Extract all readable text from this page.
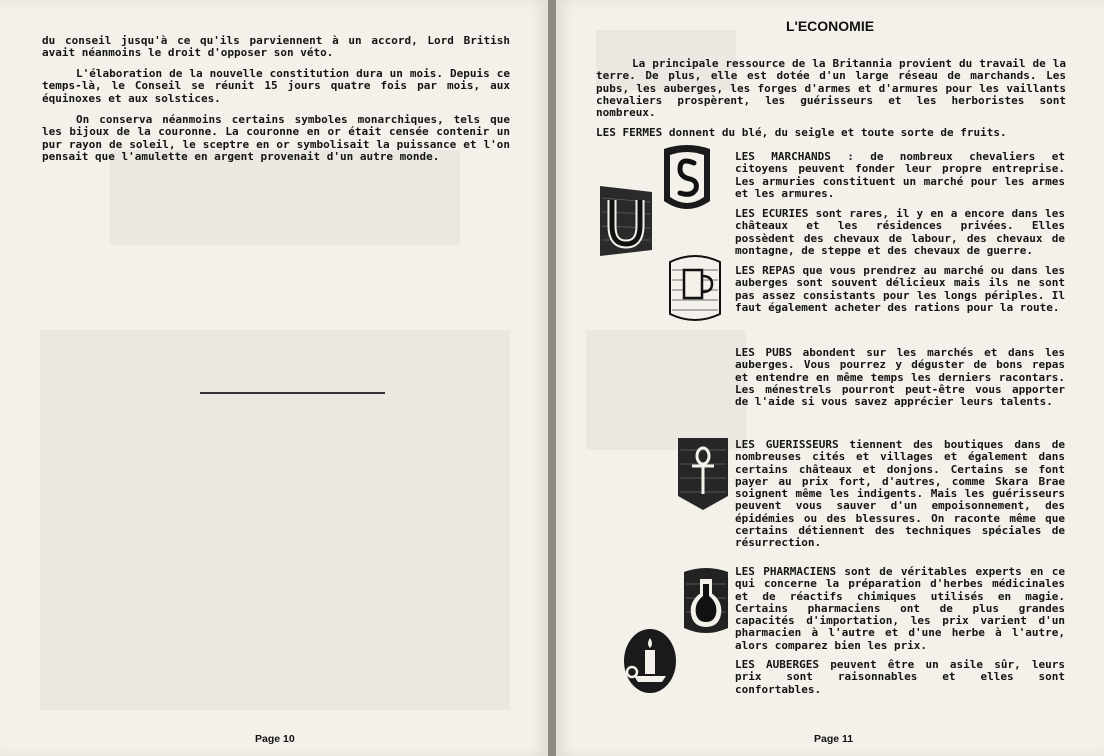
du conseil jusqu'à ce qu'ils parviennent à un accord, Lord British avait néanmoins le droit d'opposer son véto.

L'élaboration de la nouvelle constitution dura un mois. Depuis ce temps-là, le Conseil se réunit 15 jours quatre fois par mois, aux équinoxes et aux solstices.

On conserva néanmoins certains symboles monarchiques, tels que les bijoux de la couronne. La couronne en or était censée contenir un pur rayon de soleil, le sceptre en or symbolisait la puissance et l'on pensait que l'amulette en argent provenait d'un autre monde.

Page 10
L'ECONOMIE

La principale ressource de la Britannia provient du travail de la terre. De plus, elle est dotée d'un large réseau de marchands. Les pubs, les auberges, les forges d'armes et d'armures pour les vaillants chevaliers prospèrent, les guérisseurs et les herboristes sont nombreux.

LES FERMES donnent du blé, du seigle et toute sorte de fruits.

LES MARCHANDS : de nombreux chevaliers et citoyens peuvent fonder leur propre entreprise. Les armuries constituent un marché pour les armes et les armures.

LES ECURIES sont rares, il y en a encore dans les châteaux et les résidences privées. Elles possèdent des chevaux de labour, des chevaux de montagne, de steppe et des chevaux de guerre.

LES REPAS que vous prendrez au marché ou dans les auberges sont souvent délicieux mais ils ne sont pas assez consistants pour les longs périples. Il faut également acheter des rations pour la route.

LES PUBS abondent sur les marchés et dans les auberges. Vous pourrez y déguster de bons repas et entendre en même temps les derniers racontars. Les ménestrels pourront peut-être vous apporter de l'aide si vous savez apprécier leurs talents.

LES GUERISSEURS tiennent des boutiques dans de nombreuses cités et villages et également dans certains châteaux et donjons. Certains se font payer au prix fort, d'autres, comme Skara Brae soignent même les indigents. Mais les guérisseurs peuvent vous sauver d'un empoisonnement, des épidémies ou des blessures. On raconte même que certains détiennent des techniques spéciales de résurrection.

LES PHARMACIENS sont de véritables experts en ce qui concerne la préparation d'herbes médicinales et de réactifs chimiques utilisés en magie. Certains pharmaciens ont de plus grandes capacités d'importation, les prix varient d'un pharmacien à l'autre et d'une herbe à l'autre, alors comparez bien les prix.

LES AUBERGES peuvent être un asile sûr, leurs prix sont raisonnables et elles sont confortables.

Page 11
